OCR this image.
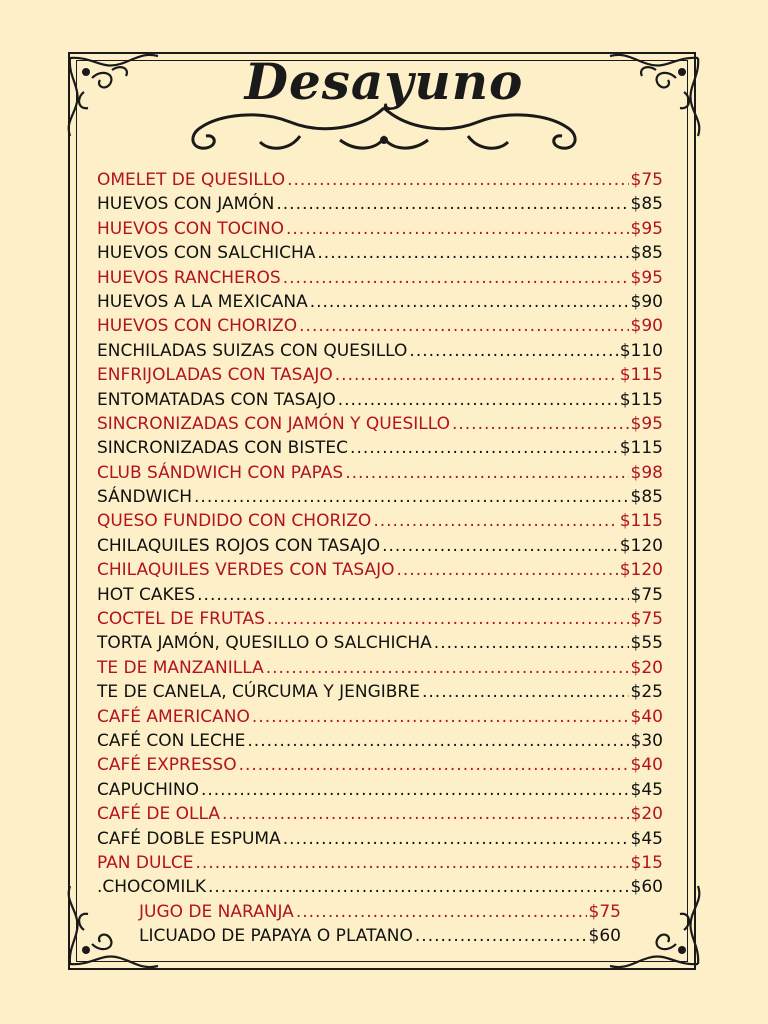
Desayuno
OMELET DE QUESILLO .....	$75
HUEVOS CON JAMÓN .....	$85
HUEVOS CON TOCINO .....	$95
HUEVOS CON SALCHICHA .....	$85
HUEVOS RANCHEROS .....	$95
HUEVOS A LA MEXICANA .....	$90
HUEVOS CON CHORIZO .....	$90
ENCHILADAS SUIZAS CON QUESILLO .....	$110
ENFRIJOLADAS CON TASAJO .....	$115
ENTOMATADAS CON TASAJO .....	$115
SINCRONIZADAS CON JAMÓN Y QUESILLO .....	$95
SINCRONIZADAS CON BISTEC .....	$115
CLUB SÁNDWICH CON PAPAS .....	$98
SÁNDWICH .....	$85
QUESO FUNDIDO CON CHORIZO .....	$115
CHILAQUILES ROJOS CON TASAJO .....	$120
CHILAQUILES VERDES CON TASAJO .....	$120
HOT CAKES .....	$75
COCTEL DE FRUTAS .....	$75
TORTA JAMÓN, QUESILLO O SALCHICHA .....	$55
TE DE MANZANILLA .....	$20
TE DE CANELA, CÚRCUMA Y JENGIBRE .....	$25
CAFÉ AMERICANO .....	$40
CAFÉ CON LECHE .....	$30
CAFÉ EXPRESSO .....	$40
CAPUCHINO .....	$45
CAFÉ DE OLLA .....	$20
CAFÉ DOBLE ESPUMA .....	$45
PAN DULCE .....	$15
.CHOCOMILK .....	$60
JUGO DE NARANJA .....	$75
LICUADO DE PAPAYA O PLATANO .....	$60
